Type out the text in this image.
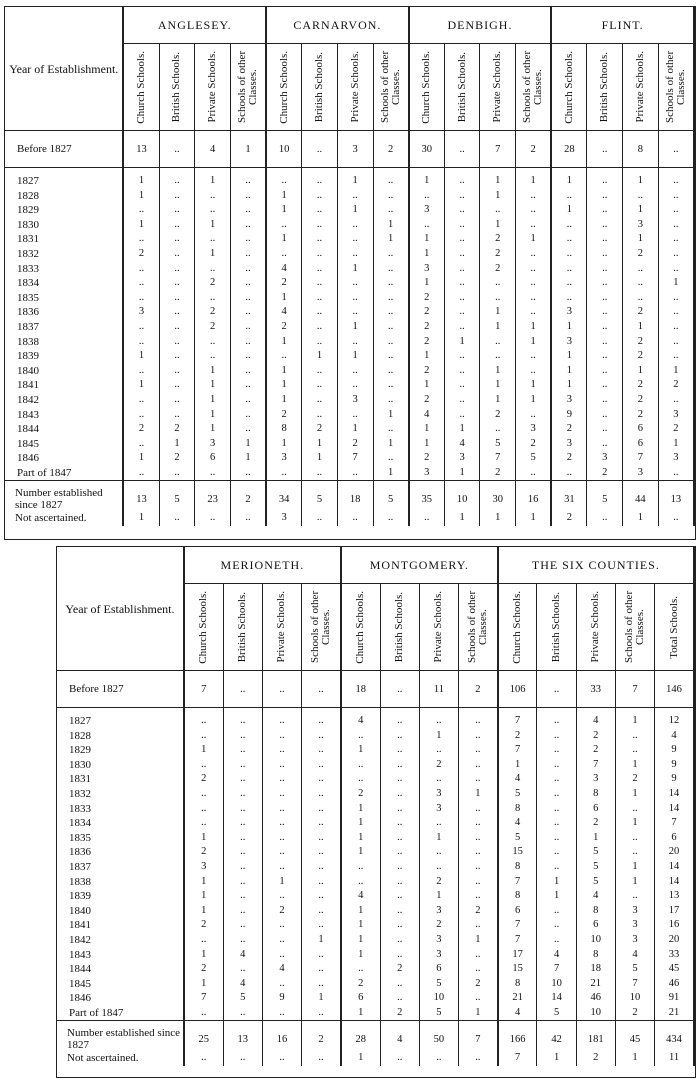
Year of Establishment.	ANGLESEY.				CARNARVON.				DENBIGH.				FLINT.			

	Church Schools.	British Schools.	Private Schools.	Schools of other Classes.	Church Schools.	British Schools.	Private Schools.	Schools of other Classes.	Church Schools.	British Schools.	Private Schools.	Schools of other Classes.	Church Schools.	British Schools.	Private Schools.	Schools of other Classes.

Before 1827	13	..	4	1	10	..	3	2	30	..	7	2	28	..	8	..

1827	1	..	1	..	..	..	1	..	1	..	1	1	1	..	1	..
1828	1	..	..	..	1	..	..	..	..	..	1	..	..	..	..	..
1829	..	..	..	..	1	..	1	..	3	..	..	..	1	..	1	..
1830	1	..	1	..	..	..	..	1	..	..	1	..	..	..	3	..
1831	..	..	..	..	1	..	..	1	1	..	2	1	..	..	1	..
1832	2	..	1	..	..	..	..	..	1	..	2	..	..	..	2	..
1833	..	..	..	..	4	..	1	..	3	..	2	..	..	..	..	..
1834	..	..	2	..	2	..	..	..	1	..	..	..	..	..	..	1
1835	..	..	..	..	1	..	..	..	2	..	..	..	..	..	..	..
1836	3	..	2	..	4	..	..	..	2	..	1	..	3	..	2	..
1837	..	..	2	..	2	..	1	..	2	..	1	1	1	..	1	..
1838	..	..	..	..	1	..	..	..	2	1	..	1	3	..	2	..
1839	1	..	..	..	..	1	1	..	1	..	..	..	1	..	2	..
1840	..	..	1	..	1	..	..	..	2	..	1	..	1	..	1	1
1841	1	..	1	..	1	..	..	..	1	..	1	1	1	..	2	2
1842	..	..	1	..	1	..	3	..	2	..	1	1	3	..	2	..
1843	..	..	1	..	2	..	..	1	4	..	2	..	9	..	2	3
1844	2	2	1	..	8	2	1	..	1	1	..	3	2	..	6	2
1845	..	1	3	1	1	1	2	1	1	4	5	2	3	..	6	1
1846	1	2	6	1	3	1	7	..	2	3	7	5	2	3	7	3
Part of 1847	..	..	..	..	..	..	..	1	3	1	2	..	..	2	3	..
Number established since 1827	13	5	23	2	34	5	18	5	35	10	30	16	31	5	44	13
Not ascertained.	1	..	..	..	3	..	..	..	..	1	1	1	2	..	1	..
Year of Establishment.	MERIONETH.				MONTGOMERY.				THE SIX COUNTIES.				

	Church Schools.	British Schools.	Private Schools.	Schools of other Classes.	Church Schools.	British Schools.	Private Schools.	Schools of other Classes.	Church Schools.	British Schools.	Private Schools.	Schools of other Classes.	Total Schools.

Before 1827	7	..	..	..	18	..	11	2	106	..	33	7	146

1827	..	..	..	..	4	..	..	..	7	..	4	1	12
1828	..	..	..	..	..	..	1	..	2	..	2	..	4
1829	1	..	..	..	1	..	..	..	7	..	2	..	9
1830	..	..	..	..	..	..	2	..	1	..	7	1	9
1831	2	..	..	..	..	..	..	..	4	..	3	2	9
1832	..	..	..	..	2	..	3	1	5	..	8	1	14
1833	..	..	..	..	1	..	3	..	8	..	6	..	14
1834	..	..	..	..	1	..	..	..	4	..	2	1	7
1835	1	..	..	..	1	..	1	..	5	..	1	..	6
1836	2	..	..	..	1	..	..	..	15	..	5	..	20
1837	3	..	..	..	..	..	..	..	8	..	5	1	14
1838	1	..	1	..	..	..	2	..	7	1	5	1	14
1839	1	..	..	..	4	..	1	..	8	1	4	..	13
1840	1	..	2	..	1	..	3	2	6	..	8	3	17
1841	2	..	..	..	1	..	2	..	7	..	6	3	16
1842	..	..	..	1	1	..	3	1	7	..	10	3	20
1843	1	4	..	..	1	..	3	..	17	4	8	4	33
1844	2	..	4	..	..	2	6	..	15	7	18	5	45
1845	1	4	..	..	2	..	5	2	8	10	21	7	46
1846	7	5	9	1	6	..	10	..	21	14	46	10	91
Part of 1847	..	..	..	..	1	2	5	1	4	5	10	2	21
Number established since 1827	25	13	16	2	28	4	50	7	166	42	181	45	434
Not ascertained.	..	..	..	..	1	..	..	..	7	1	2	1	11
